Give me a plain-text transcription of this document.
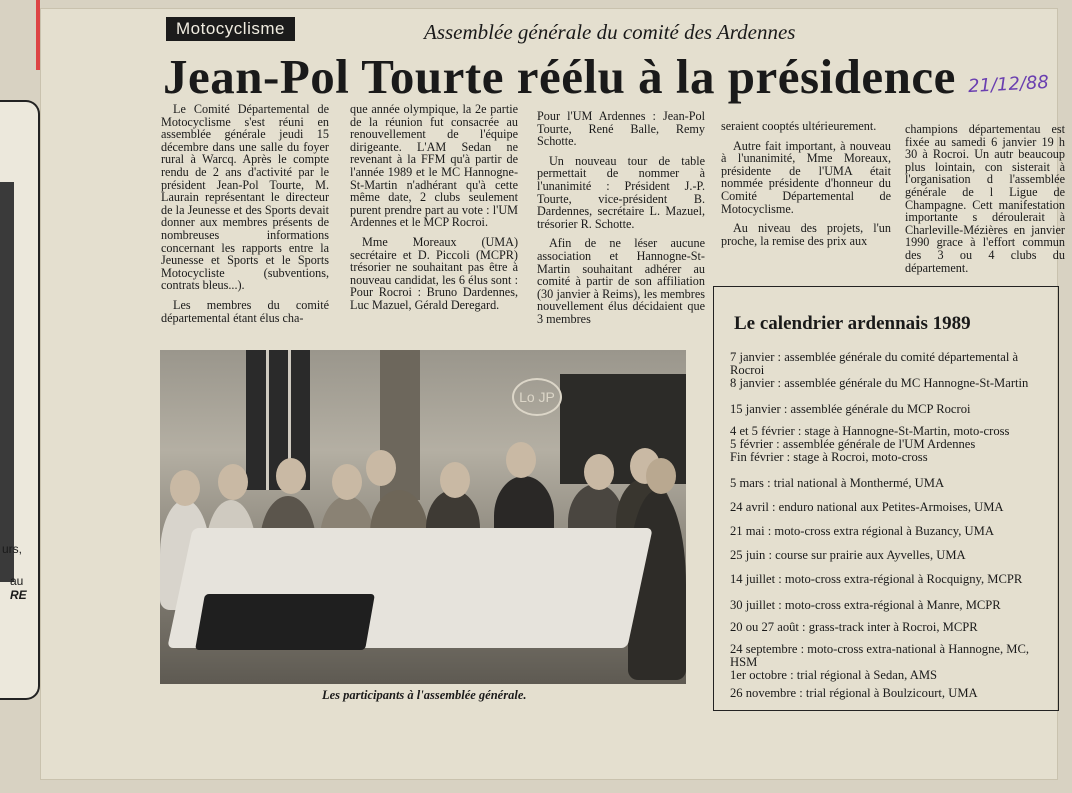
urs,
au
RE
Motocyclisme	Assemblée générale du comité des Ardennes
Jean-Pol Tourte réélu à la présidence 21/12/88

Le Comité Départemental de Motocyclisme s'est réuni en assemblée générale jeudi 15 décembre dans une salle du foyer rural à Warcq. Après le compte rendu de 2 ans d'activité par le président Jean-Pol Tourte, M. Laurain représentant le directeur de la Jeunesse et des Sports devait donner aux membres présents de nombreuses informations concernant les rapports entre la Jeunesse et Sports et le Sports Motocycliste (subventions, contrats bleus...).

Les membres du comité départemental étant élus cha-

que année olympique, la 2e partie de la réunion fut consacrée au renouvellement de l'équipe dirigeante. L'AM Sedan ne revenant à la FFM qu'à partir de l'année 1989 et le MC Hannogne-St-Martin n'adhérant qu'à cette même date, 2 clubs seulement purent prendre part au vote : l'UM Ardennes et le MCP Rocroi.

Mme Moreaux (UMA) secrétaire et D. Piccoli (MCPR) trésorier ne souhaitant pas être à nouveau candidat, les 6 élus sont : Pour Rocroi : Bruno Dardennes, Luc Mazuel, Gérald Deregard.

Pour l'UM Ardennes : Jean-Pol Tourte, René Balle, Remy Schotte.

Un nouveau tour de table permettait de nommer à l'unanimité : Président J.-P. Tourte, vice-président B. Dardennes, secrétaire L. Mazuel, trésorier R. Schotte.

Afin de ne léser aucune association et Hannogne-St-Martin souhaitant adhérer au comité à partir de son affiliation (30 janvier à Reims), les membres nouvellement élus décidaient que 3 membres

seraient cooptés ultérieurement.

Autre fait important, à nouveau à l'unanimité, Mme Moreaux, présidente de l'UMA était nommée présidente d'honneur du Comité Départemental de Motocyclisme.

Au niveau des projets, l'un proche, la remise des prix aux

champions départementau est fixée au samedi 6 janvier 19 h 30 à Rocroi. Un autr beaucoup plus lointain, con sisterait à l'organisation d l'assemblée générale de l Ligue de Champagne. Cett manifestation importante s déroulerait à Charleville-Mézières en janvier 1990 grace à l'effort commun des 3 ou 4 clubs du département.

Lo JP
Les participants à l'assemblée générale.
Le calendrier ardennais 1989
7 janvier : assemblée générale du comité départemental à Rocroi
8 janvier : assemblée générale du MC Hannogne-St-Martin
15 janvier : assemblée générale du MCP Rocroi
4 et 5 février : stage à Hannogne-St-Martin, moto-cross
5 février : assemblée générale de l'UM Ardennes
Fin février : stage à Rocroi, moto-cross
5 mars : trial national à Monthermé, UMA
24 avril : enduro national aux Petites-Armoises, UMA
21 mai : moto-cross extra régional à Buzancy, UMA
25 juin : course sur prairie aux Ayvelles, UMA
14 juillet : moto-cross extra-régional à Rocquigny, MCPR
30 juillet : moto-cross extra-régional à Manre, MCPR
20 ou 27 août : grass-track inter à Rocroi, MCPR
24 septembre : moto-cross extra-national à Hannogne, MC, HSM
1er octobre : trial régional à Sedan, AMS
26 novembre : trial régional à Boulzicourt, UMA
